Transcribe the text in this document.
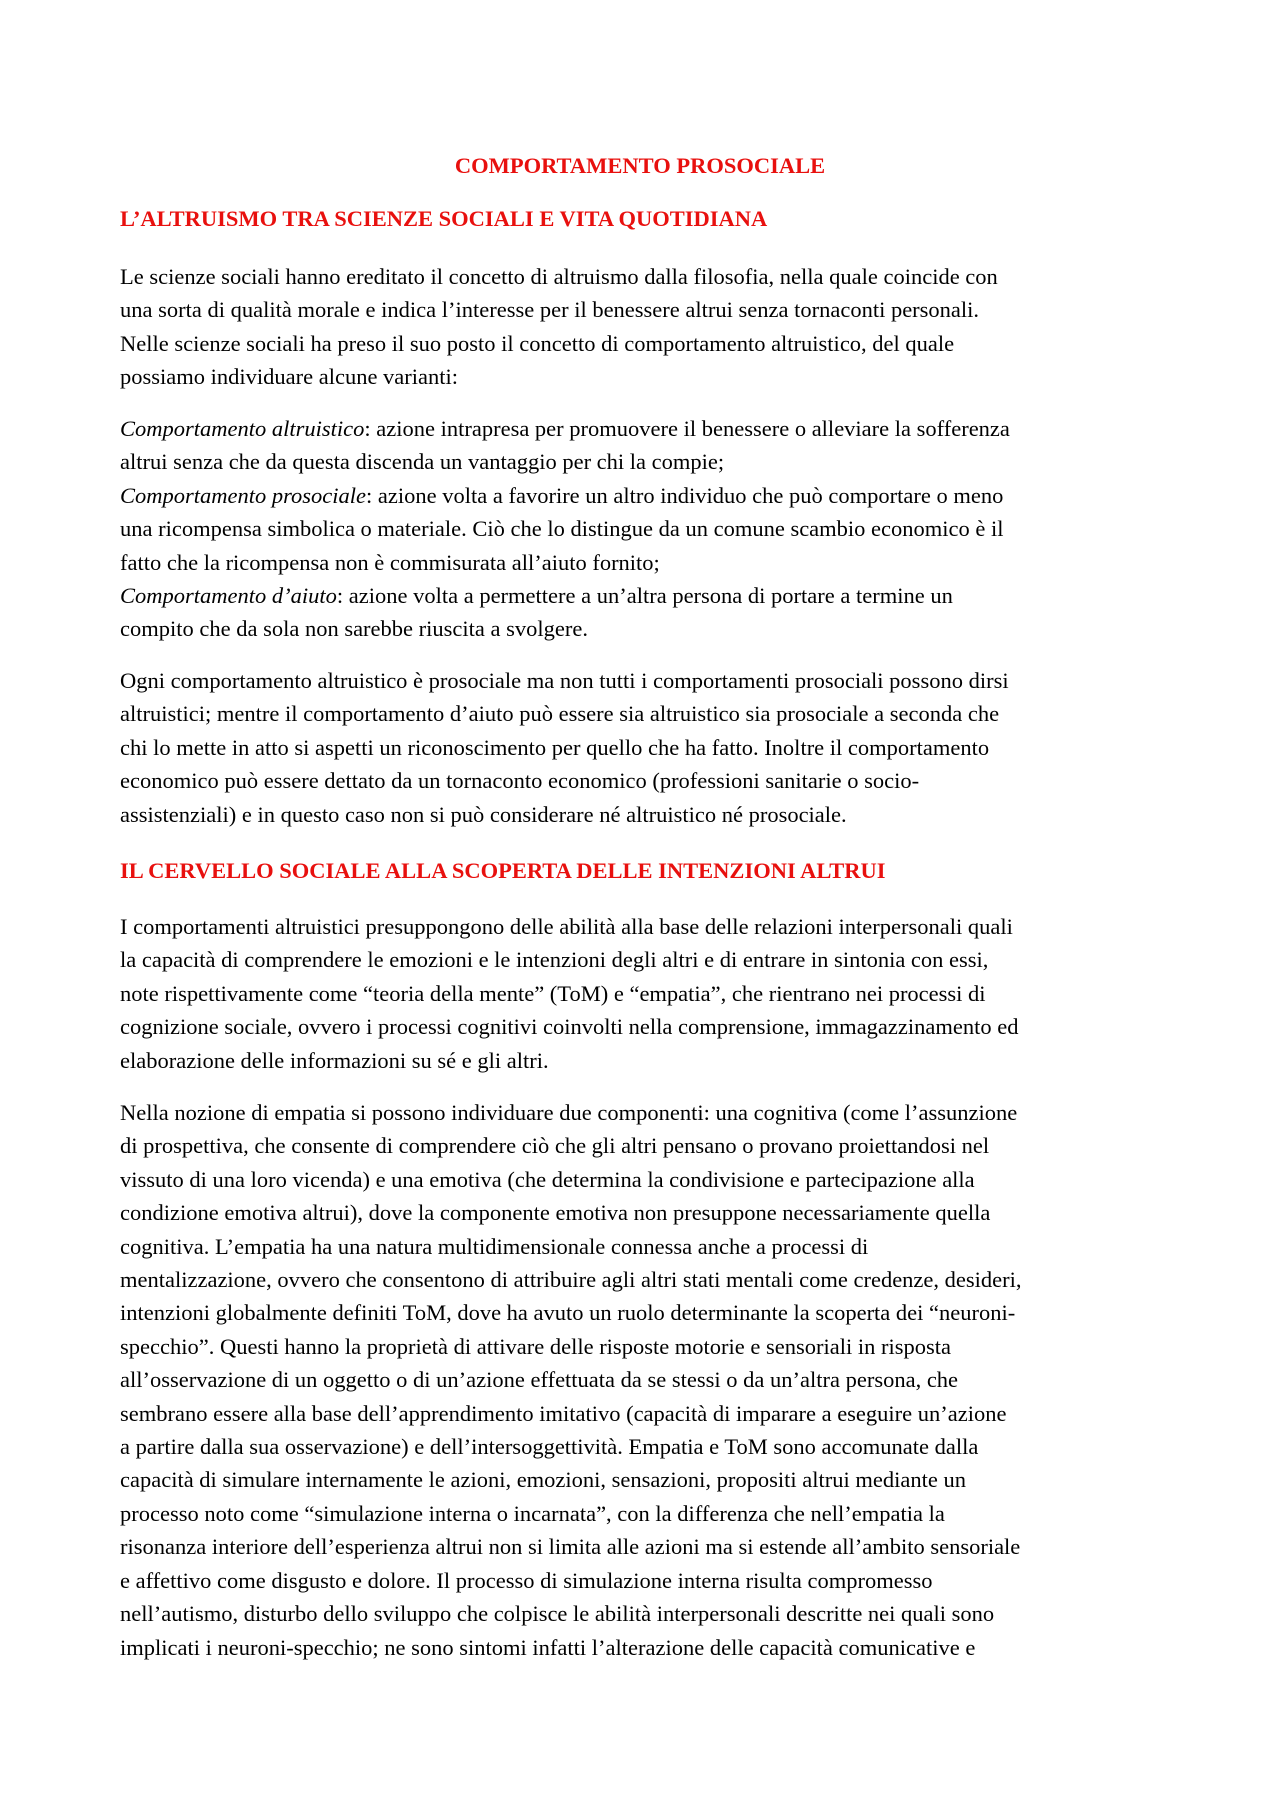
COMPORTAMENTO PROSOCIALE
L’ALTRUISMO TRA SCIENZE SOCIALI E VITA QUOTIDIANA

Le scienze sociali hanno ereditato il concetto di altruismo dalla filosofia, nella quale coincide con
una sorta di qualità morale e indica l’interesse per il benessere altrui senza tornaconti personali.
Nelle scienze sociali ha preso il suo posto il concetto di comportamento altruistico, del quale
possiamo individuare alcune varianti:

Comportamento altruistico: azione intrapresa per promuovere il benessere o alleviare la sofferenza
altrui senza che da questa discenda un vantaggio per chi la compie;
Comportamento prosociale: azione volta a favorire un altro individuo che può comportare o meno
una ricompensa simbolica o materiale. Ciò che lo distingue da un comune scambio economico è il
fatto che la ricompensa non è commisurata all’aiuto fornito;
Comportamento d’aiuto: azione volta a permettere a un’altra persona di portare a termine un
compito che da sola non sarebbe riuscita a svolgere.

Ogni comportamento altruistico è prosociale ma non tutti i comportamenti prosociali possono dirsi
altruistici; mentre il comportamento d’aiuto può essere sia altruistico sia prosociale a seconda che
chi lo mette in atto si aspetti un riconoscimento per quello che ha fatto. Inoltre il comportamento
economico può essere dettato da un tornaconto economico (professioni sanitarie o socio-
assistenziali) e in questo caso non si può considerare né altruistico né prosociale.

IL CERVELLO SOCIALE ALLA SCOPERTA DELLE INTENZIONI ALTRUI

I comportamenti altruistici presuppongono delle abilità alla base delle relazioni interpersonali quali
la capacità di comprendere le emozioni e le intenzioni degli altri e di entrare in sintonia con essi,
note rispettivamente come “teoria della mente” (ToM) e “empatia”, che rientrano nei processi di
cognizione sociale, ovvero i processi cognitivi coinvolti nella comprensione, immagazzinamento ed
elaborazione delle informazioni su sé e gli altri.

Nella nozione di empatia si possono individuare due componenti: una cognitiva (come l’assunzione
di prospettiva, che consente di comprendere ciò che gli altri pensano o provano proiettandosi nel
vissuto di una loro vicenda) e una emotiva (che determina la condivisione e partecipazione alla
condizione emotiva altrui), dove la componente emotiva non presuppone necessariamente quella
cognitiva. L’empatia ha una natura multidimensionale connessa anche a processi di
mentalizzazione, ovvero che consentono di attribuire agli altri stati mentali come credenze, desideri,
intenzioni globalmente definiti ToM, dove ha avuto un ruolo determinante la scoperta dei “neuroni-
specchio”. Questi hanno la proprietà di attivare delle risposte motorie e sensoriali in risposta
all’osservazione di un oggetto o di un’azione effettuata da se stessi o da un’altra persona, che
sembrano essere alla base dell’apprendimento imitativo (capacità di imparare a eseguire un’azione
a partire dalla sua osservazione) e dell’intersoggettività. Empatia e ToM sono accomunate dalla
capacità di simulare internamente le azioni, emozioni, sensazioni, propositi altrui mediante un
processo noto come “simulazione interna o incarnata”, con la differenza che nell’empatia la
risonanza interiore dell’esperienza altrui non si limita alle azioni ma si estende all’ambito sensoriale
e affettivo come disgusto e dolore. Il processo di simulazione interna risulta compromesso
nell’autismo, disturbo dello sviluppo che colpisce le abilità interpersonali descritte nei quali sono
implicati i neuroni-specchio; ne sono sintomi infatti l’alterazione delle capacità comunicative e
